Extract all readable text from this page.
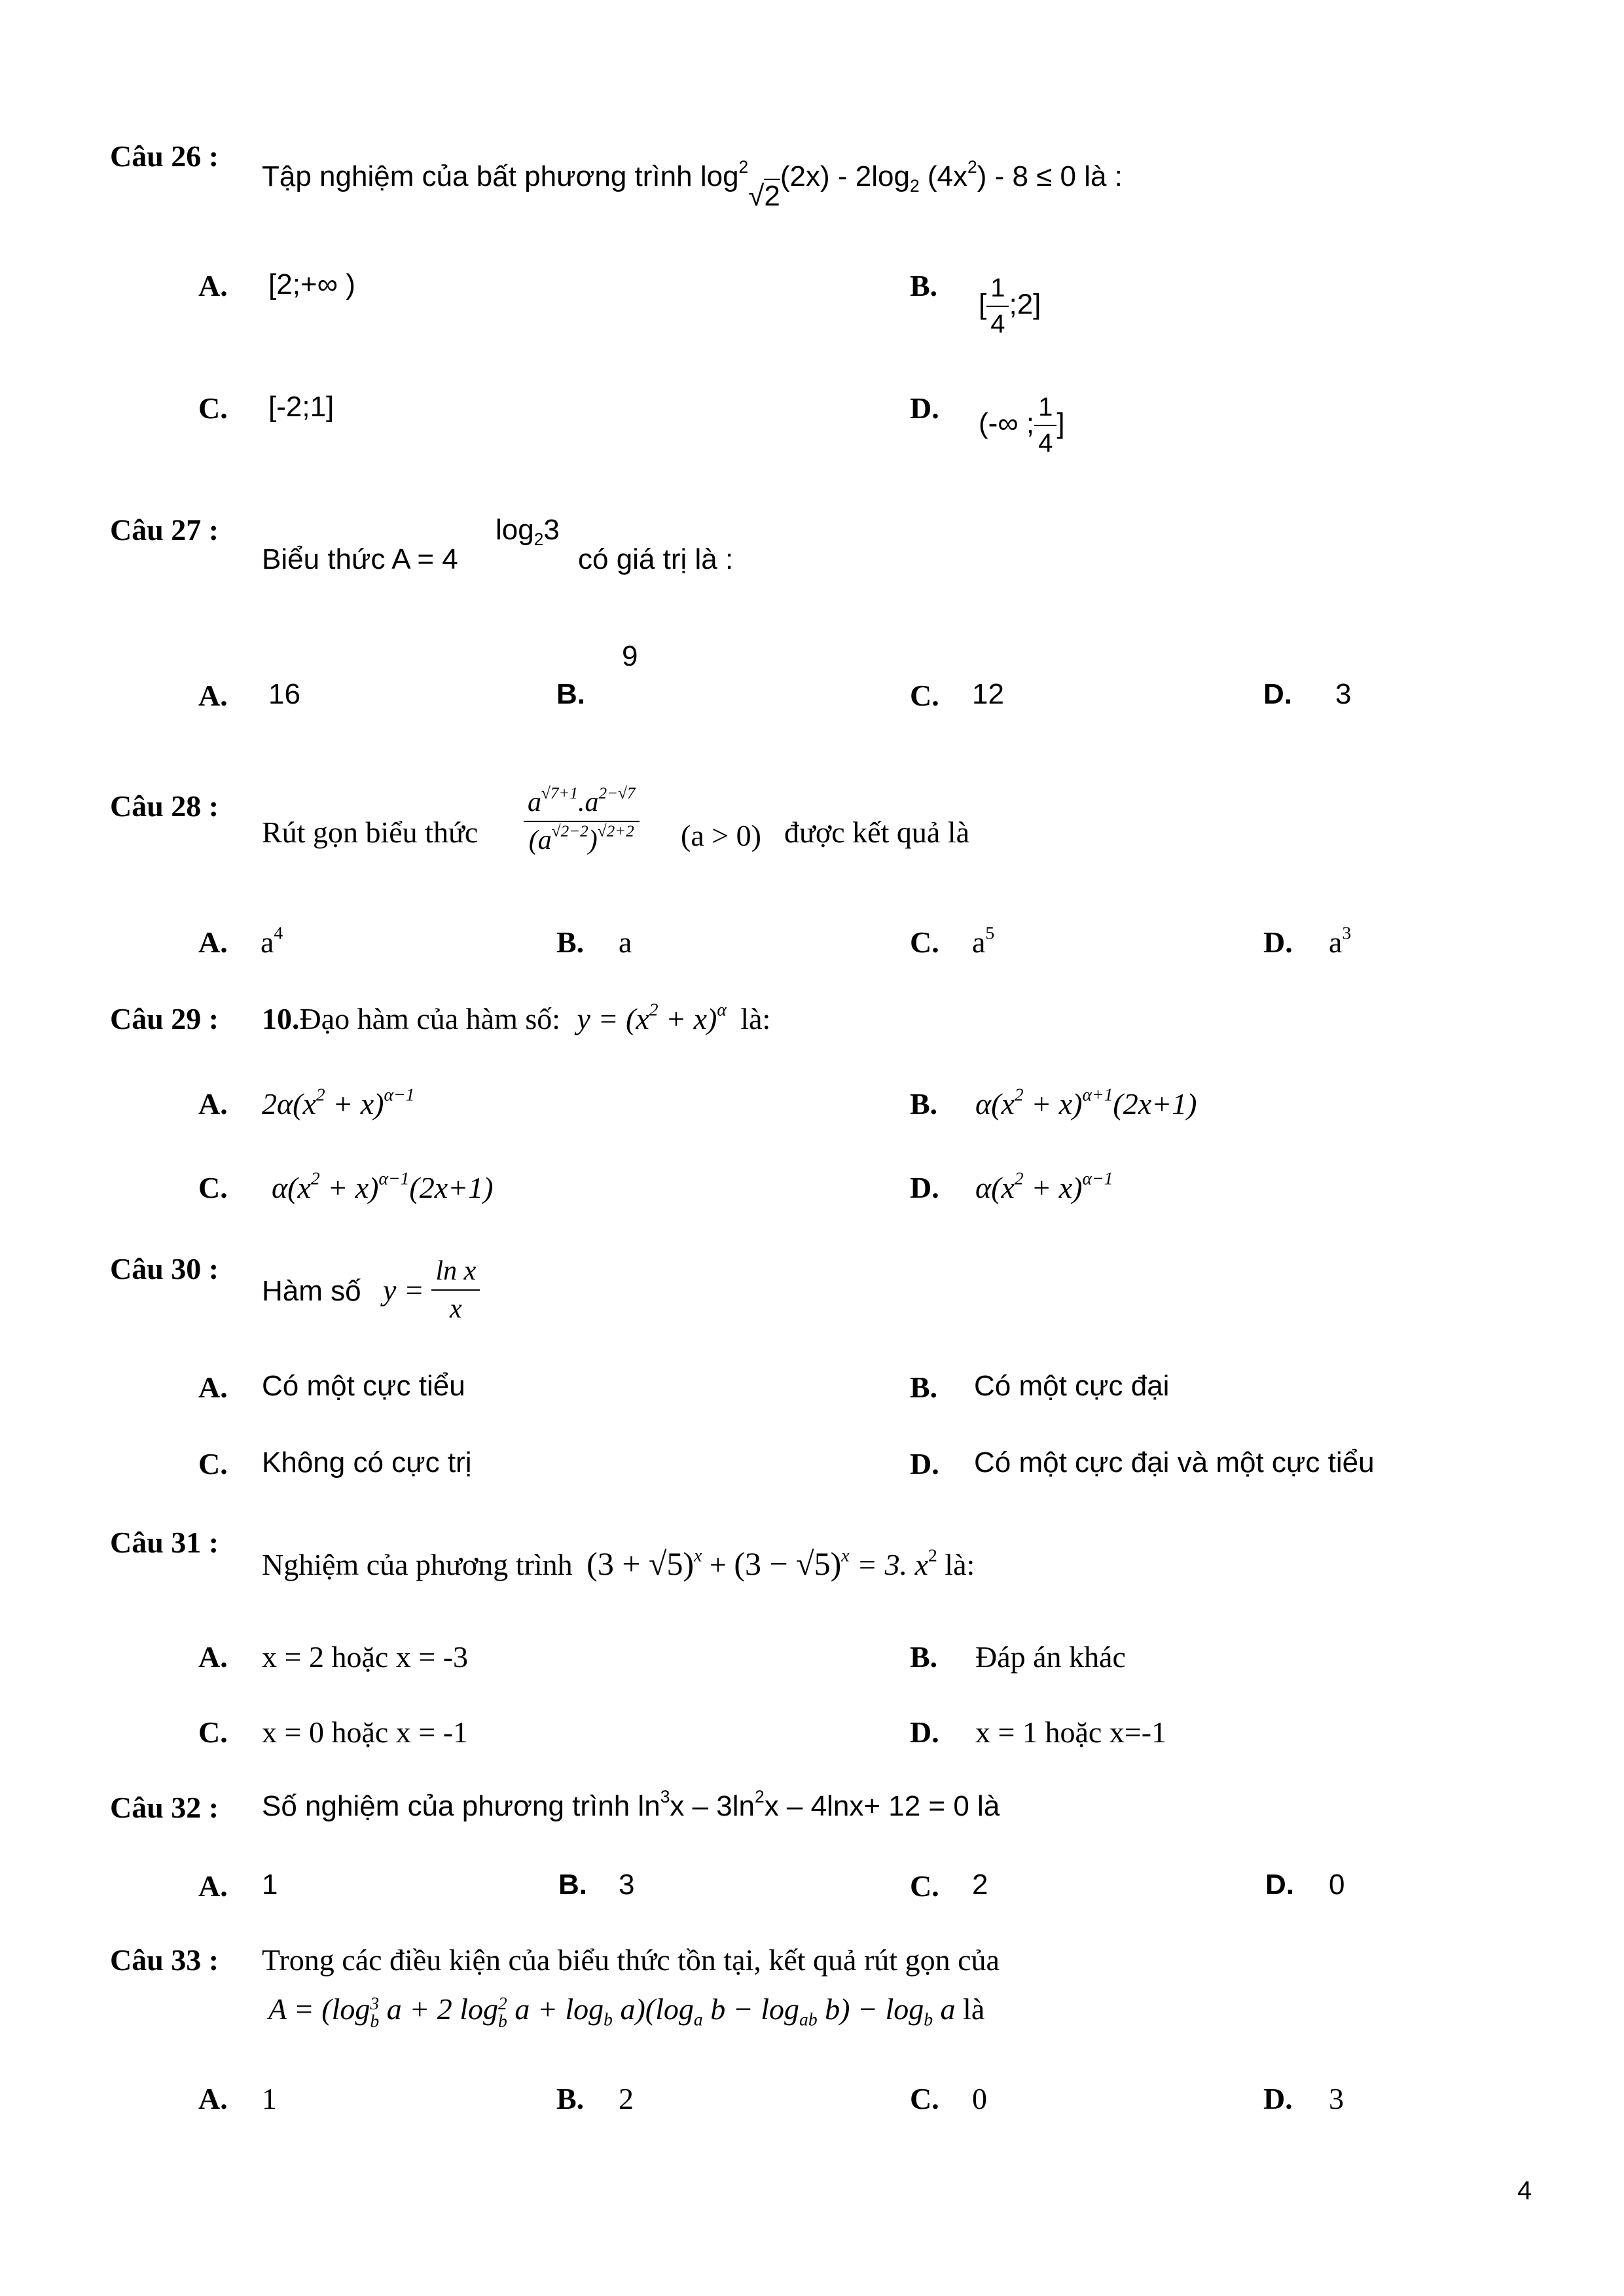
Câu 26 :
Tập nghiệm của bất phương trình $\log^2√2(2x) - 2\log_2$ $(4x^2) - 8 \le 0$ là :
A. [2;+∞ )	B.
[ $\frac{1}{4}$ ;2]
C. [-2;1]	D. (-∞ ; $\frac{1}{4}$ ]
Câu 27 :
Biểu thức A = 4
$\log_23$
có giá trị là :
A. 16	B.
9
C. 12	D. 3
Câu 28 :
Rút gọn biểu thức $\frac{a^{√7+1}.a^{2-√7}}{(a^{√2-2})^{√2+2}} (a > 0)$ được kết quả là
A. $a^4$	B. a	C. $a^5$	D. $a^3$
Câu 29 : 10.Đạo hàm của hàm số: $y = (x^2 + x)^\alpha$ là:
A. $2\alpha(x^2 + x)^{\alpha-1}$	B. $\alpha(x^2 + x)^{\alpha+1}(2x+1)$
C. $\alpha(x^2 + x)^{\alpha-1}(2x+1)$	D. $\alpha(x^2 + x)^{\alpha-1}$
Câu 30 :
Hàm số $y = \frac{\text{ln x}}{x}$
A. Có một cực tiểu	B. Có một cực đại
C. Không có cực trị	D. Có một cực đại và một cực tiểu
Câu 31 :
Nghiệm của phương trình $(3 + √5)^x + (3 - √5)^x = 3$. $x^2$ là:
A. x = 2 hoặc x = -3	B. Đáp án khác
C. x = 0 hoặc x = -1	D. x = 1 hoặc x=-1
Câu 32 : Số nghiệm của phương trình $\ln^3x - 3\ln^2x - 4\ln x+ 12 = 0$ là
A. 1	B. 3	C. 2	D. 0
Câu 33 : Trong các điều kiện của biểu thức tồn tại, kết quả rút gọn của
A = (log 3
b a + 2 log 2
b $a + \log_b a)(\log_a$ $b - \log_{ab} b) - \log_b a$ là
A. 1	B. 2	C. 0	D. 3
4
